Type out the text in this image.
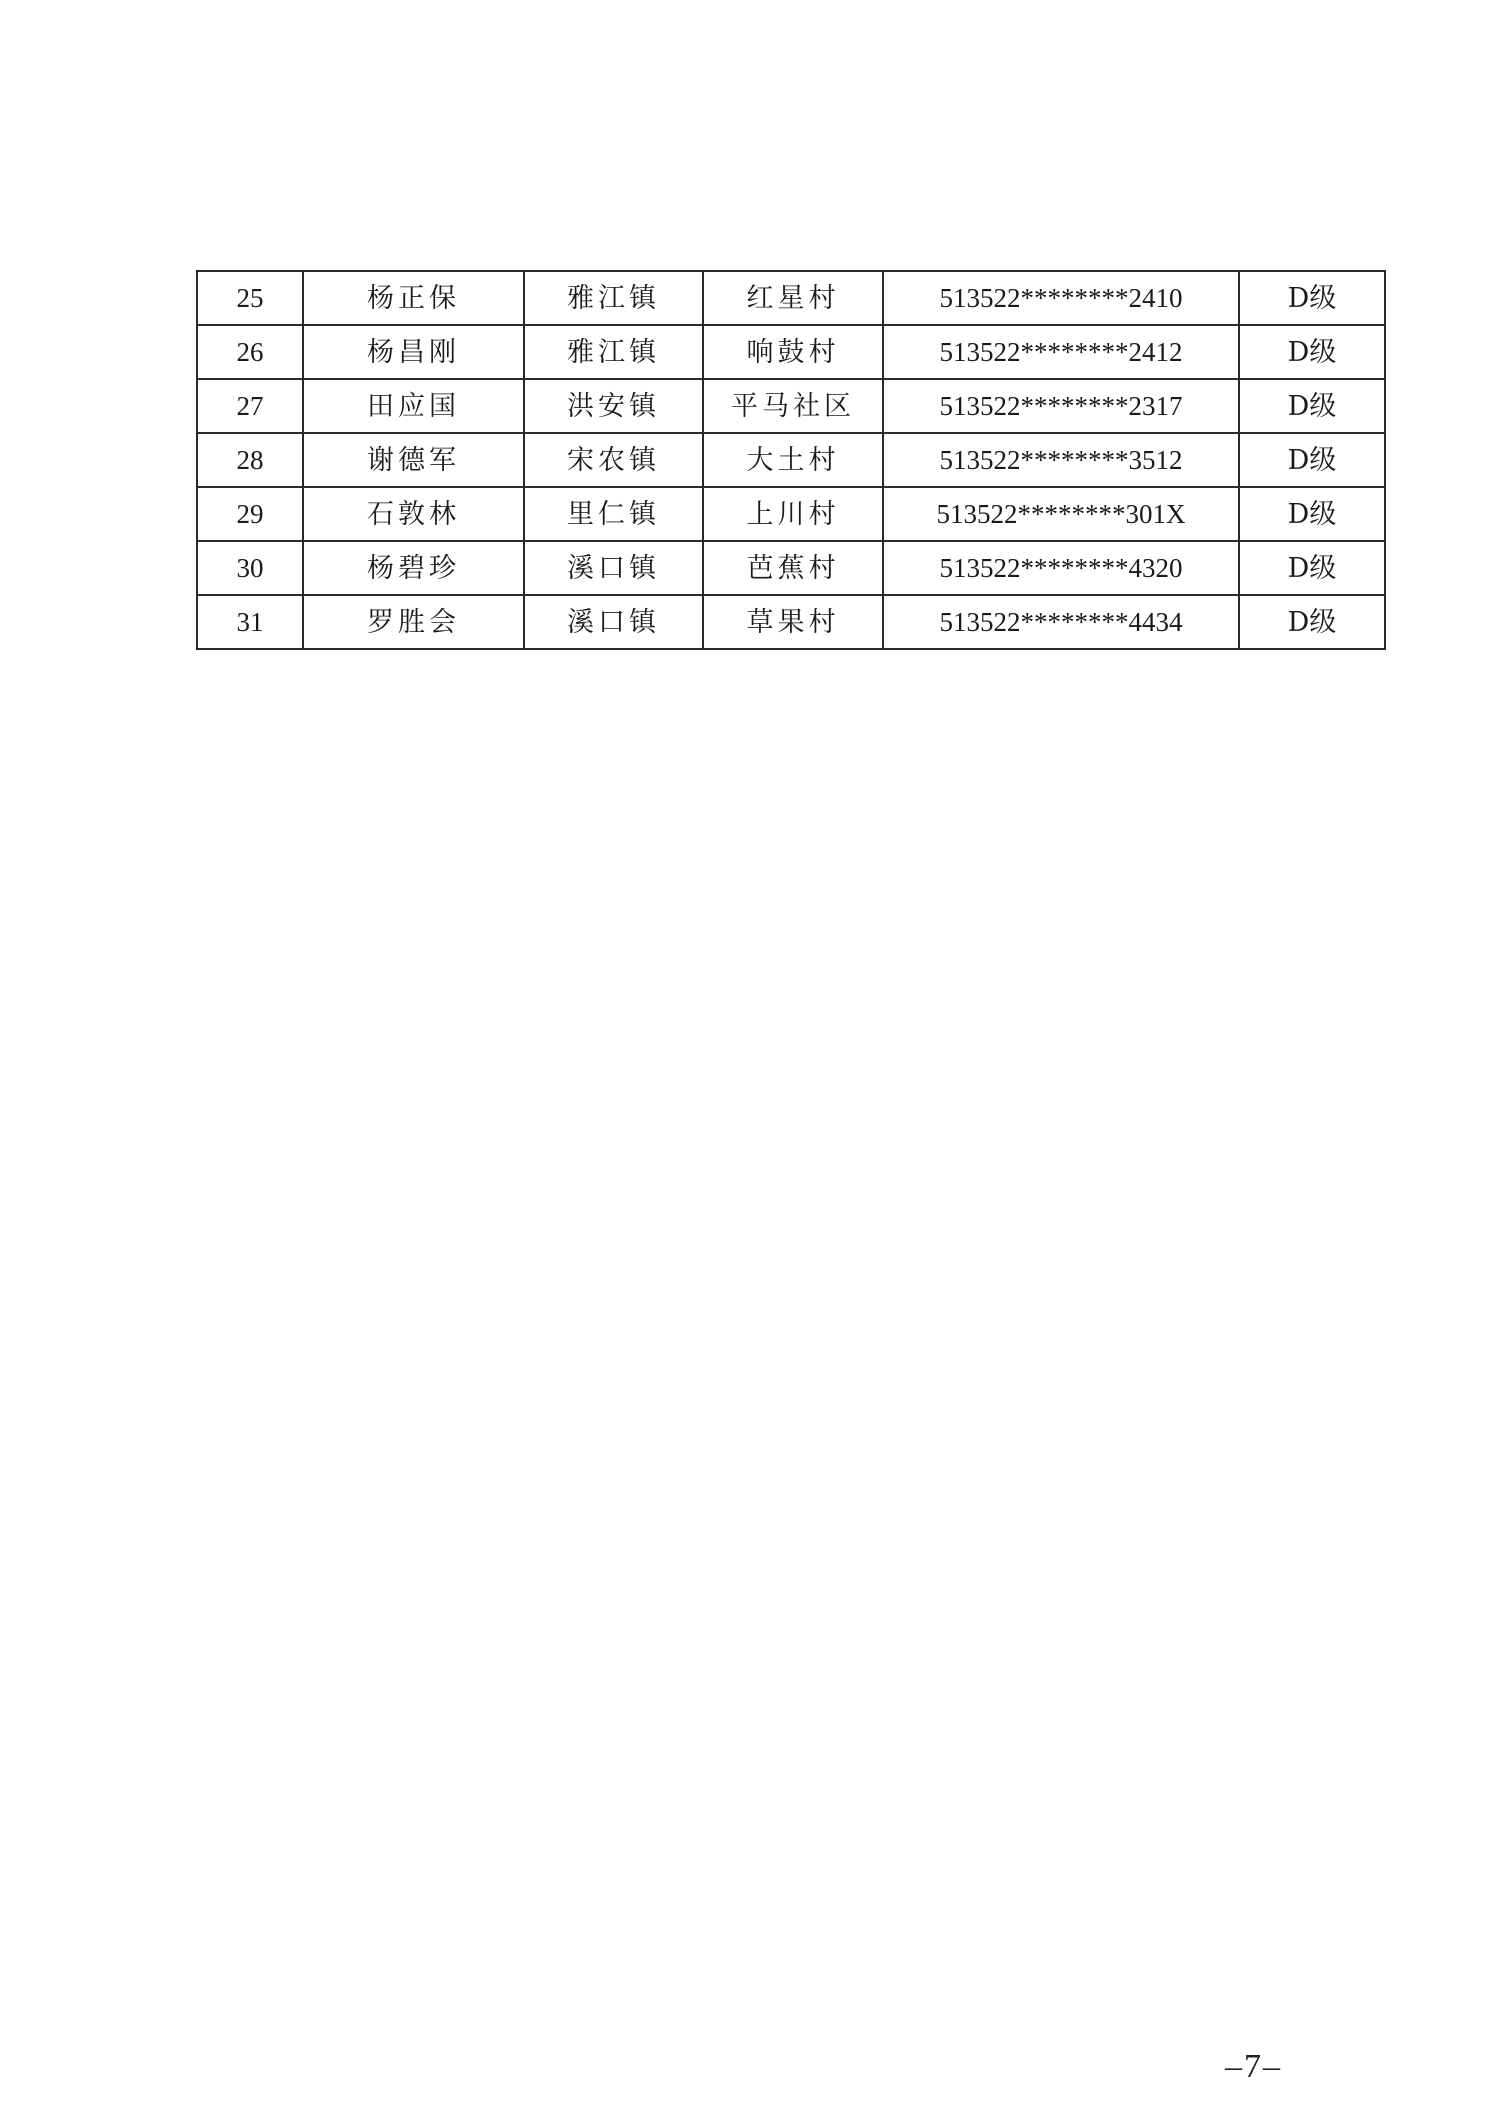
25	杨正保	雅江镇	红星村	513522********2410	D级
26	杨昌刚	雅江镇	响鼓村	513522********2412	D级
27	田应国	洪安镇	平马社区	513522********2317	D级
28	谢德军	宋农镇	大土村	513522********3512	D级
29	石敦林	里仁镇	上川村	513522********301X	D级
30	杨碧珍	溪口镇	芭蕉村	513522********4320	D级
31	罗胜会	溪口镇	草果村	513522********4434	D级
–7–
